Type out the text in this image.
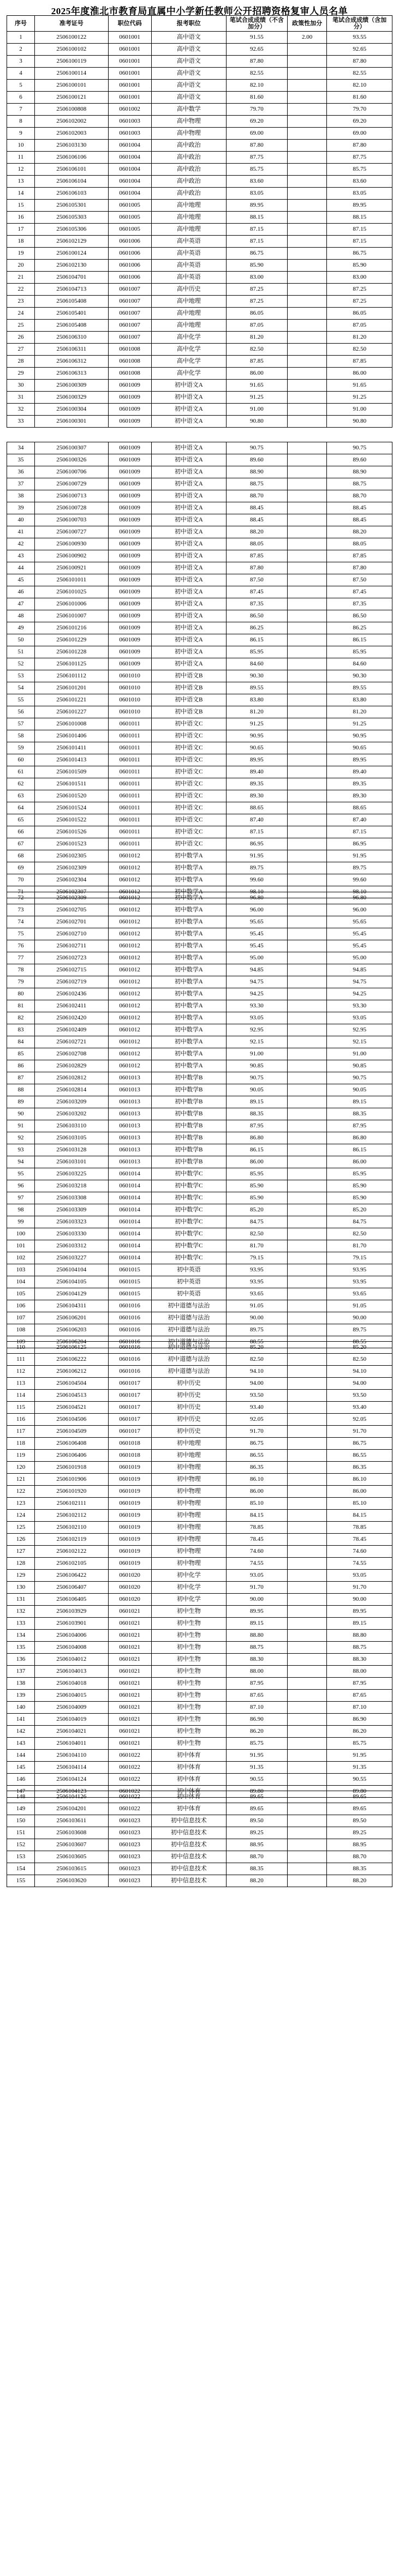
2025年度淮北市教育局直属中小学新任教师公开招聘资格复审人员名单
序号	准考证号	职位代码	报考职位	笔试合成成绩（不含加分）	政策性加分	笔试合成成绩（含加分）
1	2506100122	0601001	高中语文	91.55	2.00	93.55
2	2506100102	0601001	高中语文	92.65		92.65
3	2506100119	0601001	高中语文	87.80		87.80
4	2506100114	0601001	高中语文	82.55		82.55
5	2506100101	0601001	高中语文	82.10		82.10
6	2506100121	0601001	高中语文	81.60		81.60
7	2506100808	0601002	高中数学	79.70		79.70
8	2506102002	0601003	高中物理	69.20		69.20
9	2506102003	0601003	高中物理	69.00		69.00
10	2506103130	0601004	高中政治	87.80		87.80
11	2506106106	0601004	高中政治	87.75		87.75
12	2506106101	0601004	高中政治	85.75		85.75
13	2506106104	0601004	高中政治	83.60		83.60
14	2506106103	0601004	高中政治	83.05		83.05
15	2506105301	0601005	高中地理	89.95		89.95
16	2506105303	0601005	高中地理	88.15		88.15
17	2506105306	0601005	高中地理	87.15		87.15
18	2506102129	0601006	高中英语	87.15		87.15
19	2506100124	0601006	高中英语	86.75		86.75
20	2506102130	0601006	高中英语	85.90		85.90
21	2506104701	0601006	高中英语	83.00		83.00
22	2506104713	0601007	高中历史	87.25		87.25
23	2506105408	0601007	高中地理	87.25		87.25
24	2506105401	0601007	高中地理	86.05		86.05
25	2506105408	0601007	高中地理	87.05		87.05
26	2506106310	0601007	高中化学	81.20		81.20
27	2506106311	0601008	高中化学	82.50		82.50
28	2506106312	0601008	高中化学	87.85		87.85
29	2506106313	0601008	高中化学	86.00		86.00
30	2506100309	0601009	初中语文A	91.65		91.65
31	2506100329	0601009	初中语文A	91.25		91.25
32	2506100304	0601009	初中语文A	91.00		91.00
33	2506100301	0601009	初中语文A	90.80		90.80
34	2506100307	0601009	初中语文A	90.75		90.75
35	2506100326	0601009	初中语文A	89.60		89.60
36	2506100706	0601009	初中语文A	88.90		88.90
37	2506100729	0601009	初中语文A	88.75		88.75
38	2506100713	0601009	初中语文A	88.70		88.70
39	2506100728	0601009	初中语文A	88.45		88.45
40	2506100703	0601009	初中语文A	88.45		88.45
41	2506100727	0601009	初中语文A	88.20		88.20
42	2506100930	0601009	初中语文A	88.05		88.05
43	2506100902	0601009	初中语文A	87.85		87.85
44	2506100921	0601009	初中语文A	87.80		87.80
45	2506101011	0601009	初中语文A	87.50		87.50
46	2506101025	0601009	初中语文A	87.45		87.45
47	2506101006	0601009	初中语文A	87.35		87.35
48	2506101007	0601009	初中语文A	86.50		86.50
49	2506101216	0601009	初中语文A	86.25		86.25
50	2506101229	0601009	初中语文A	86.15		86.15
51	2506101228	0601009	初中语文A	85.95		85.95
52	2506101125	0601009	初中语文A	84.60		84.60
53	2506101112	0601010	初中语文B	90.30		90.30
54	2506101201	0601010	初中语文B	89.55		89.55
55	2506101221	0601010	初中语文B	83.80		83.80
56	2506101227	0601010	初中语文B	81.20		81.20
57	2506101008	0601011	初中语文C	91.25		91.25
58	2506101406	0601011	初中语文C	90.95		90.95
59	2506101411	0601011	初中语文C	90.65		90.65
60	2506101413	0601011	初中语文C	89.95		89.95
61	2506101509	0601011	初中语文C	89.40		89.40
62	2506101511	0601011	初中语文C	89.35		89.35
63	2506101520	0601011	初中语文C	89.30		89.30
64	2506101524	0601011	初中语文C	88.65		88.65
65	2506101522	0601011	初中语文C	87.40		87.40
66	2506101526	0601011	初中语文C	87.15		87.15
67	2506101523	0601011	初中语文C	86.95		86.95
68	2506102305	0601012	初中数学A	91.95		91.95
69	2506102309	0601012	初中数学A	89.75		89.75
70	2506102304	0601012	初中数学A	99.60		99.60
71	2506102307	0601012	初中数学A	98.10		98.10
72	2506102309	0601012	初中数学A	96.80		96.80
73	2506102705	0601012	初中数学A	96.00		96.00
74	2506102701	0601012	初中数学A	95.65		95.65
75	2506102710	0601012	初中数学A	95.45		95.45
76	2506102711	0601012	初中数学A	95.45		95.45
77	2506102723	0601012	初中数学A	95.00		95.00
78	2506102715	0601012	初中数学A	94.85		94.85
79	2506102719	0601012	初中数学A	94.75		94.75
80	2506102436	0601012	初中数学A	94.25		94.25
81	2506102411	0601012	初中数学A	93.30		93.30
82	2506102420	0601012	初中数学A	93.05		93.05
83	2506102409	0601012	初中数学A	92.95		92.95
84	2506102721	0601012	初中数学A	92.15		92.15
85	2506102708	0601012	初中数学A	91.00		91.00
86	2506102829	0601012	初中数学A	90.85		90.85
87	2506102812	0601013	初中数学B	90.75		90.75
88	2506102814	0601013	初中数学B	90.05		90.05
89	2506103209	0601013	初中数学B	89.15		89.15
90	2506103202	0601013	初中数学B	88.35		88.35
91	2506103110	0601013	初中数学B	87.95		87.95
92	2506103105	0601013	初中数学B	86.80		86.80
93	2506103128	0601013	初中数学B	86.15		86.15
94	2506103101	0601013	初中数学B	86.00		86.00
95	2506103225	0601014	初中数学C	85.95		85.95
96	2506103218	0601014	初中数学C	85.90		85.90
97	2506103308	0601014	初中数学C	85.90		85.90
98	2506103309	0601014	初中数学C	85.20		85.20
99	2506103323	0601014	初中数学C	84.75		84.75
100	2506103330	0601014	初中数学C	82.50		82.50
101	2506103312	0601014	初中数学C	81.70		81.70
102	2506103227	0601014	初中数学C	79.15		79.15
103	2506104104	0601015	初中英语	93.95		93.95
104	2506104105	0601015	初中英语	93.95		93.95
105	2506104129	0601015	初中英语	93.65		93.65
106	2506104311	0601016	初中道德与法治	91.05		91.05
107	2506106201	0601016	初中道德与法治	90.00		90.00
108	2506106203	0601016	初中道德与法治	89.75		89.75
109	2506106204	0601016	初中道德与法治	88.55		88.55
110	2506106125	0601016	初中道德与法治	85.20		85.20
111	2506106222	0601016	初中道德与法治	82.50		82.50
112	2506106212	0601016	初中道德与法治	94.10		94.10
113	2506104504	0601017	初中历史	94.00		94.00
114	2506104513	0601017	初中历史	93.50		93.50
115	2506104521	0601017	初中历史	93.40		93.40
116	2506104506	0601017	初中历史	92.05		92.05
117	2506104509	0601017	初中历史	91.70		91.70
118	2506106408	0601018	初中地理	86.75		86.75
119	2506106406	0601018	初中地理	86.55		86.55
120	2506101918	0601019	初中物理	86.35		86.35
121	2506101906	0601019	初中物理	86.10		86.10
122	2506101920	0601019	初中物理	86.00		86.00
123	2506102111	0601019	初中物理	85.10		85.10
124	2506102112	0601019	初中物理	84.15		84.15
125	2506102110	0601019	初中物理	78.85		78.85
126	2506102119	0601019	初中物理	78.45		78.45
127	2506102122	0601019	初中物理	74.60		74.60
128	2506102105	0601019	初中物理	74.55		74.55
129	2506106422	0601020	初中化学	93.05		93.05
130	2506106407	0601020	初中化学	91.70		91.70
131	2506106405	0601020	初中化学	90.00		90.00
132	2506103929	0601021	初中生物	89.95		89.95
133	2506103901	0601021	初中生物	89.15		89.15
134	2506104006	0601021	初中生物	88.80		88.80
135	2506104008	0601021	初中生物	88.75		88.75
136	2506104012	0601021	初中生物	88.30		88.30
137	2506104013	0601021	初中生物	88.00		88.00
138	2506104018	0601021	初中生物	87.95		87.95
139	2506104015	0601021	初中生物	87.65		87.65
140	2506104009	0601021	初中生物	87.10		87.10
141	2506104019	0601021	初中生物	86.90		86.90
142	2506104021	0601021	初中生物	86.20		86.20
143	2506104011	0601021	初中生物	85.75		85.75
144	2506104110	0601022	初中体育	91.95		91.95
145	2506104114	0601022	初中体育	91.35		91.35
146	2506104124	0601022	初中体育	90.55		90.55
147	2506104123	0601022	初中体育	89.80		89.80
148	2506104126	0601022	初中体育	89.65		89.65
149	2506104201	0601022	初中体育	89.65		89.65
150	2506103611	0601023	初中信息技术	89.50		89.50
151	2506103608	0601023	初中信息技术	89.25		89.25
152	2506103607	0601023	初中信息技术	88.95		88.95
153	2506103605	0601023	初中信息技术	88.70		88.70
154	2506103615	0601023	初中信息技术	88.35		88.35
155	2506103620	0601023	初中信息技术	88.20		88.20
